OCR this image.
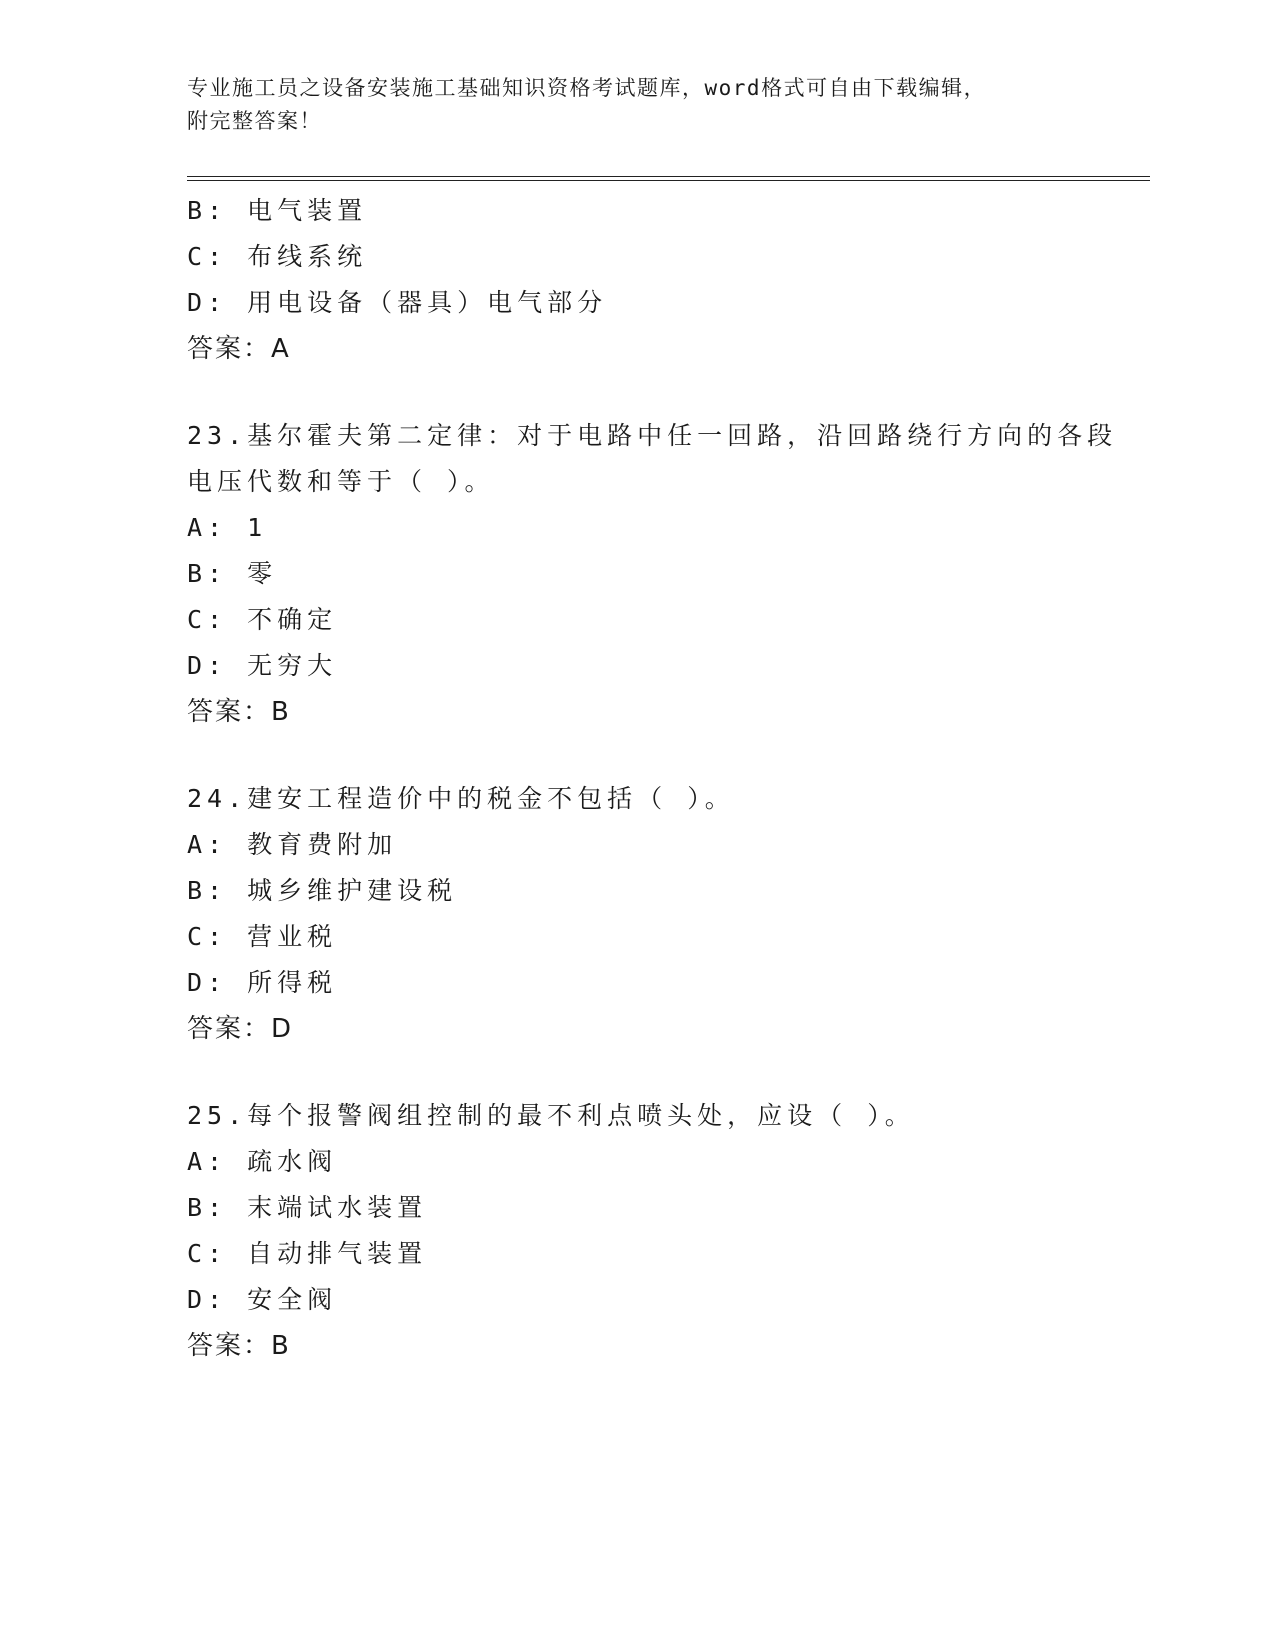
专业施工员之设备安装施工基础知识资格考试题库，word格式可自由下载编辑，
附完整答案！
B: 电气装置
C: 布线系统
D: 用电设备（器具）电气部分
答案：A
23.基尔霍夫第二定律：对于电路中任一回路，沿回路绕行方向的各段
电压代数和等于（ ）。
A: 1
B: 零
C: 不确定
D: 无穷大
答案：B
24.建安工程造价中的税金不包括（ ）。
A: 教育费附加
B: 城乡维护建设税
C: 营业税
D: 所得税
答案：D
25.每个报警阀组控制的最不利点喷头处，应设（ ）。
A: 疏水阀
B: 末端试水装置
C: 自动排气装置
D: 安全阀
答案：B
